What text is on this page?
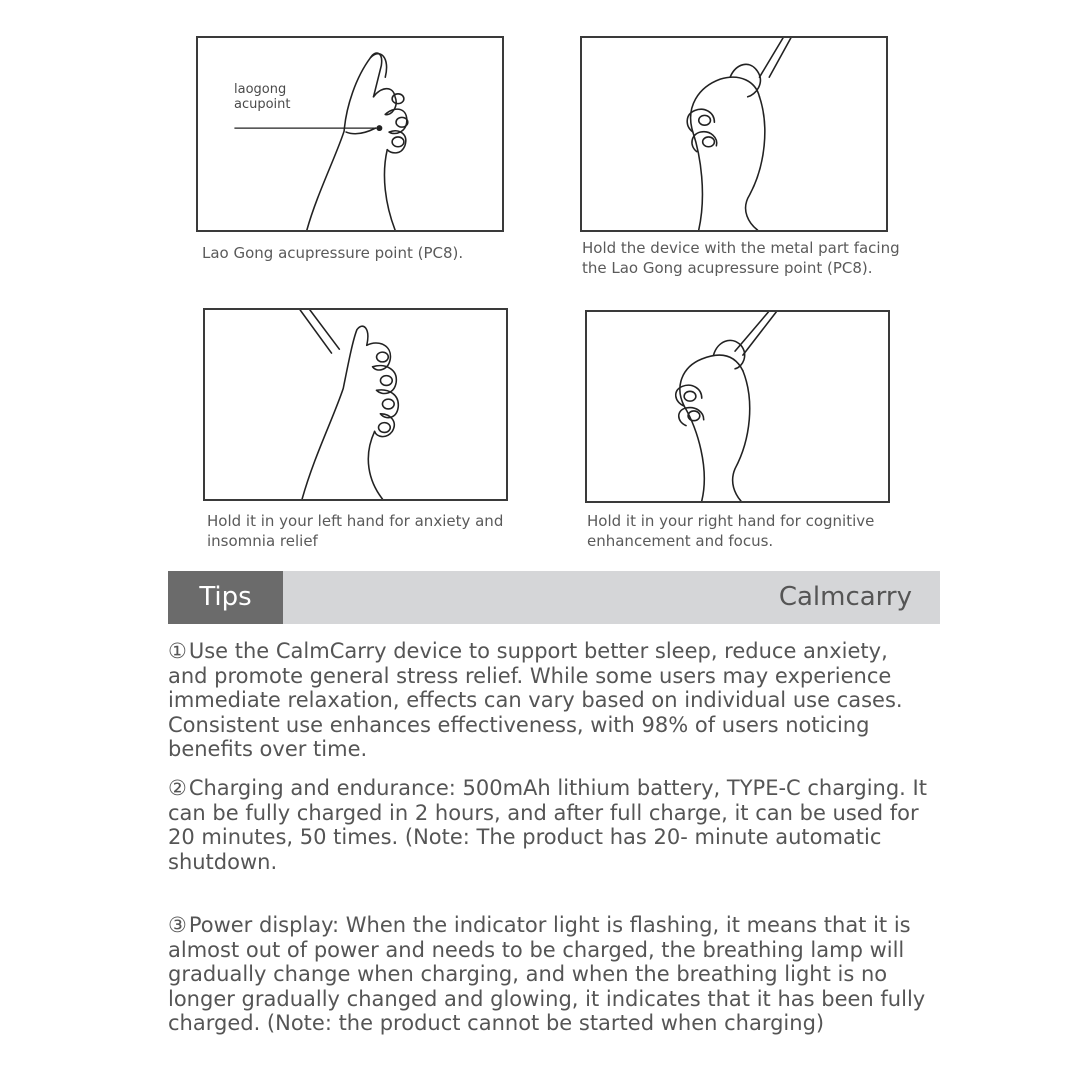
laogong acupoint

Lao Gong acupressure point (PC8).	Hold the device with the metal part facing the Lao Gong acupressure point (PC8).

Hold it in your left hand for anxiety and insomnia relief

Hold it in your right hand for cognitive enhancement and focus.

Tips	Calmcarry

①Use the CalmCarry device to support better sleep, reduce anxiety, and promote general stress relief. While some users may experience immediate relaxation, effects can vary based on individual use cases. Consistent use enhances effectiveness, with 98% of users noticing benefits over time.

②Charging and endurance: 500mAh lithium battery, TYPE-C charging. It can be fully charged in 2 hours, and after full charge, it can be used for 20 minutes, 50 times. (Note: The product has 20‑ minute automatic shutdown.

③Power display: When the indicator light is flashing, it means that it is almost out of power and needs to be charged, the breathing lamp will gradually change when charging, and when the breathing light is no longer gradually changed and glowing, it indicates that it has been fully charged. (Note: the product cannot be started when charging)
